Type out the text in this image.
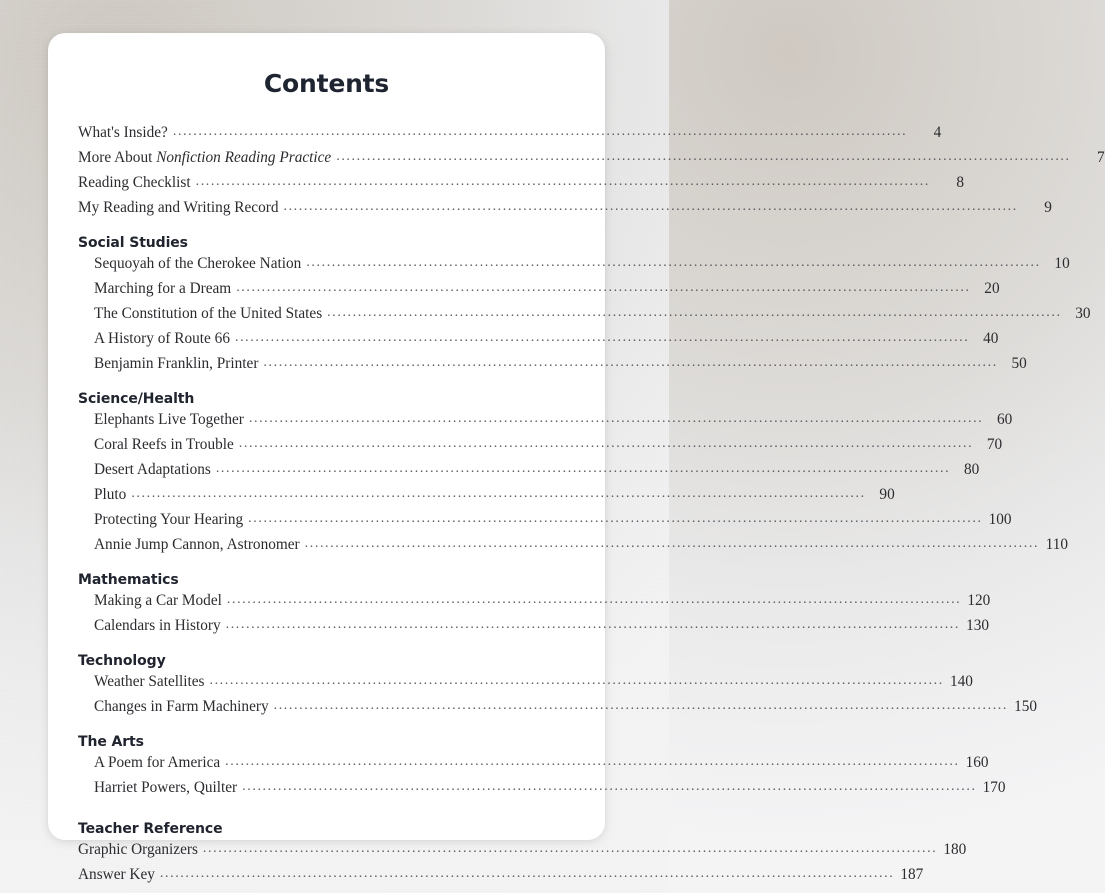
Contents
What's Inside? .....	4
More About Nonfiction Reading Practice .....	7
Reading Checklist .....	8
My Reading and Writing Record .....	9
Social Studies
Sequoyah of the Cherokee Nation .....	10
Marching for a Dream .....	20
The Constitution of the United States .....	30
A History of Route 66 .....	40
Benjamin Franklin, Printer .....	50
Science/Health
Elephants Live Together .....	60
Coral Reefs in Trouble .....	70
Desert Adaptations .....	80
Pluto .....	90
Protecting Your Hearing .....	100
Annie Jump Cannon, Astronomer .....	110
Mathematics
Making a Car Model .....	120
Calendars in History .....	130
Technology
Weather Satellites .....	140
Changes in Farm Machinery .....	150
The Arts
A Poem for America .....	160
Harriet Powers, Quilter .....	170
Teacher Reference
Graphic Organizers .....	180
Answer Key .....	187
